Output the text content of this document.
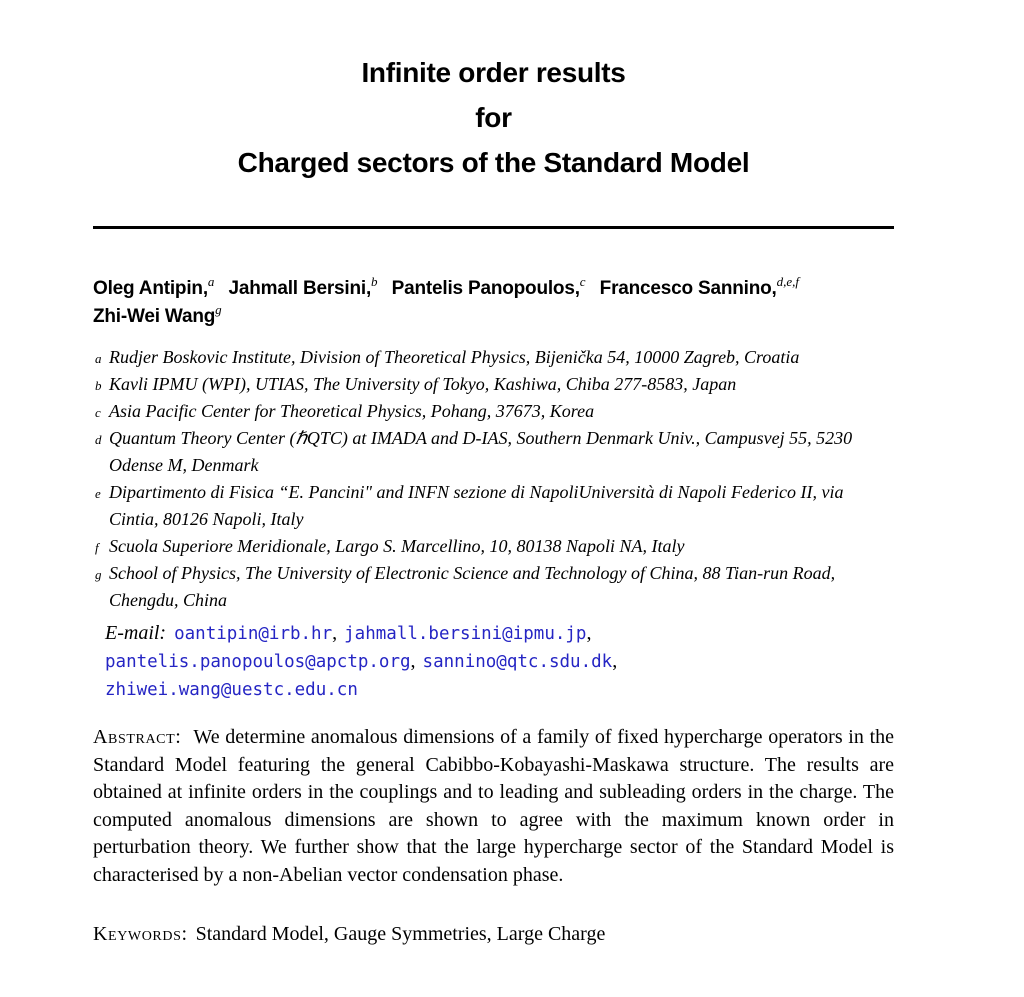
Infinite order results
for
Charged sectors of the Standard Model
Oleg Antipin,$^a$ Jahmall Bersini,$^b$ Pantelis Panopoulos,$^c$ Francesco Sannino,$^{d,e,f}$
Zhi-Wei Wang$^g$
a Rudjer Boskovic Institute, Division of Theoretical Physics, Bijenička 54, 10000 Zagreb, Croatia
b Kavli IPMU (WPI), UTIAS, The University of Tokyo, Kashiwa, Chiba 277-8583, Japan
c Asia Pacific Center for Theoretical Physics, Pohang, 37673, Korea
d Quantum Theory Center (ℏQTC) at IMADA and D-IAS, Southern Denmark Univ., Campusvej 55, 5230 Odense M, Denmark
e Dipartimento di Fisica “E. Pancini" and INFN sezione di NapoliUniversità di Napoli Federico II, via Cintia, 80126 Napoli, Italy
f Scuola Superiore Meridionale, Largo S. Marcellino, 10, 80138 Napoli NA, Italy
g School of Physics, The University of Electronic Science and Technology of China, 88 Tian-run Road, Chengdu, China
E-mail: oantipin@irb.hr, jahmall.bersini@ipmu.jp,
pantelis.panopoulos@apctp.org, sannino@qtc.sdu.dk,
zhiwei.wang@uestc.edu.cn

Abstract: We determine anomalous dimensions of a family of fixed hypercharge operators in the Standard Model featuring the general Cabibbo-Kobayashi-Maskawa structure. The results are obtained at infinite orders in the couplings and to leading and subleading orders in the charge. The computed anomalous dimensions are shown to agree with the maximum known order in perturbation theory. We further show that the large hypercharge sector of the Standard Model is characterised by a non-Abelian vector condensation phase.

Keywords: Standard Model, Gauge Symmetries, Large Charge
